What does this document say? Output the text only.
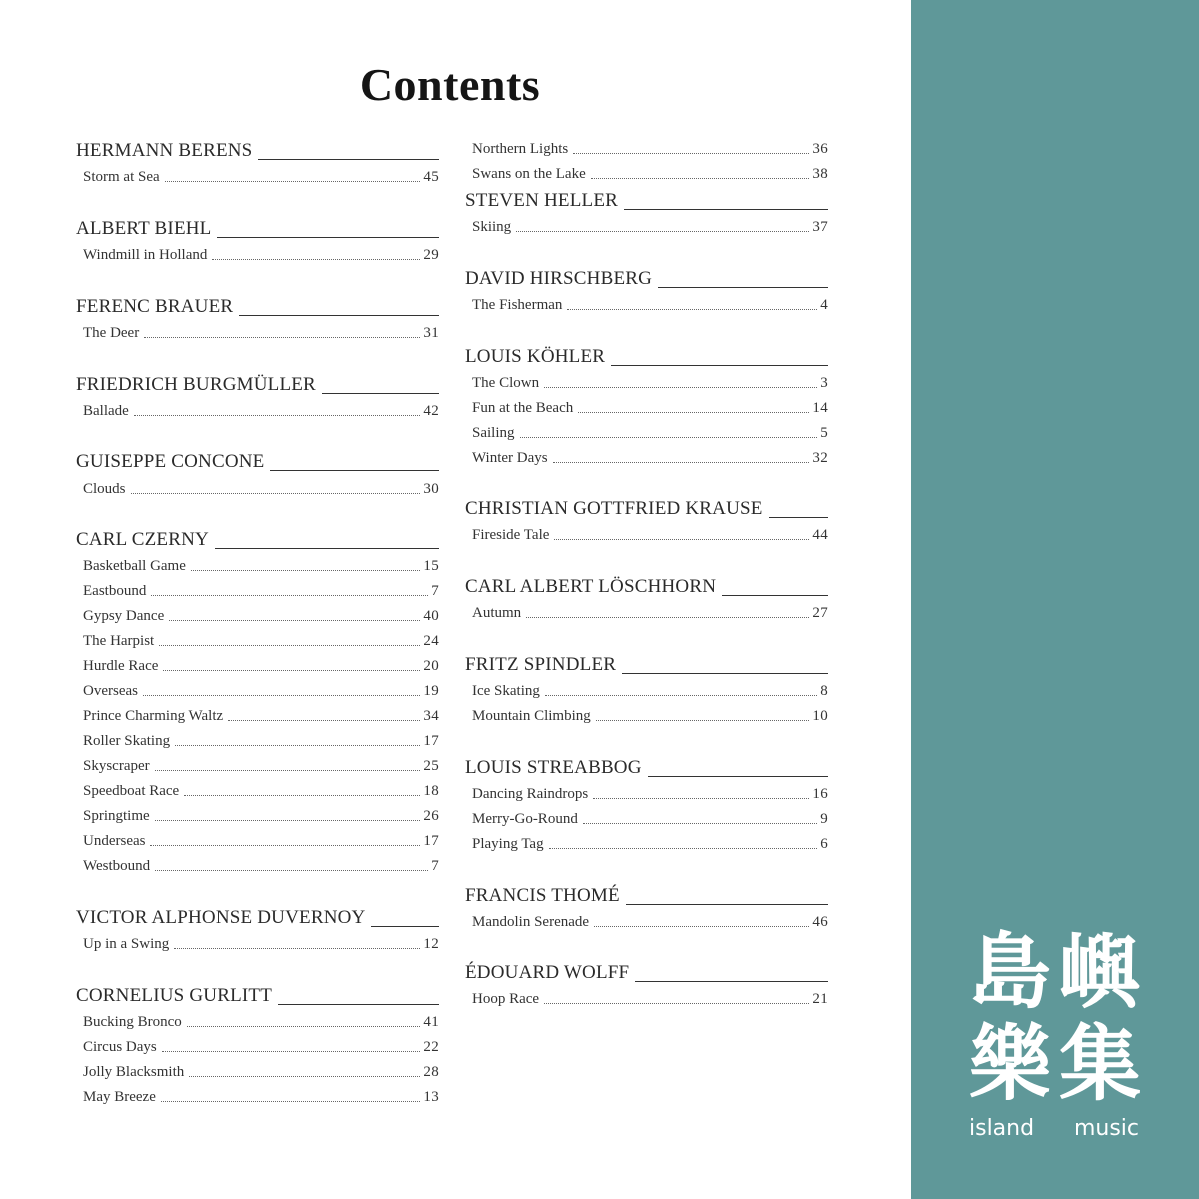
Contents
HERMANN BERENS
Storm at Sea	45
ALBERT BIEHL
Windmill in Holland	29
FERENC BRAUER
The Deer	31
FRIEDRICH BURGMÜLLER
Ballade	42
GUISEPPE CONCONE
Clouds	30
CARL CZERNY
Basketball Game	15
Eastbound	7
Gypsy Dance	40
The Harpist	24
Hurdle Race	20
Overseas	19
Prince Charming Waltz	34
Roller Skating	17
Skyscraper	25
Speedboat Race	18
Springtime	26
Underseas	17
Westbound	7
VICTOR ALPHONSE DUVERNOY
Up in a Swing	12
CORNELIUS GURLITT
Bucking Bronco	41
Circus Days	22
Jolly Blacksmith	28
May Breeze	13
Northern Lights	36
Swans on the Lake	38
STEVEN HELLER
Skiing	37
DAVID HIRSCHBERG
The Fisherman	4
LOUIS KÖHLER
The Clown	3
Fun at the Beach	14
Sailing	5
Winter Days	32
CHRISTIAN GOTTFRIED KRAUSE
Fireside Tale	44
CARL ALBERT LÖSCHHORN
Autumn	27
FRITZ SPINDLER
Ice Skating	8
Mountain Climbing	10
LOUIS STREABBOG
Dancing Raindrops	16
Merry-Go-Round	9
Playing Tag	6
FRANCIS THOMÉ
Mandolin Serenade	46
ÉDOUARD WOLFF
Hoop Race	21 島 嶼
樂 集
island music
